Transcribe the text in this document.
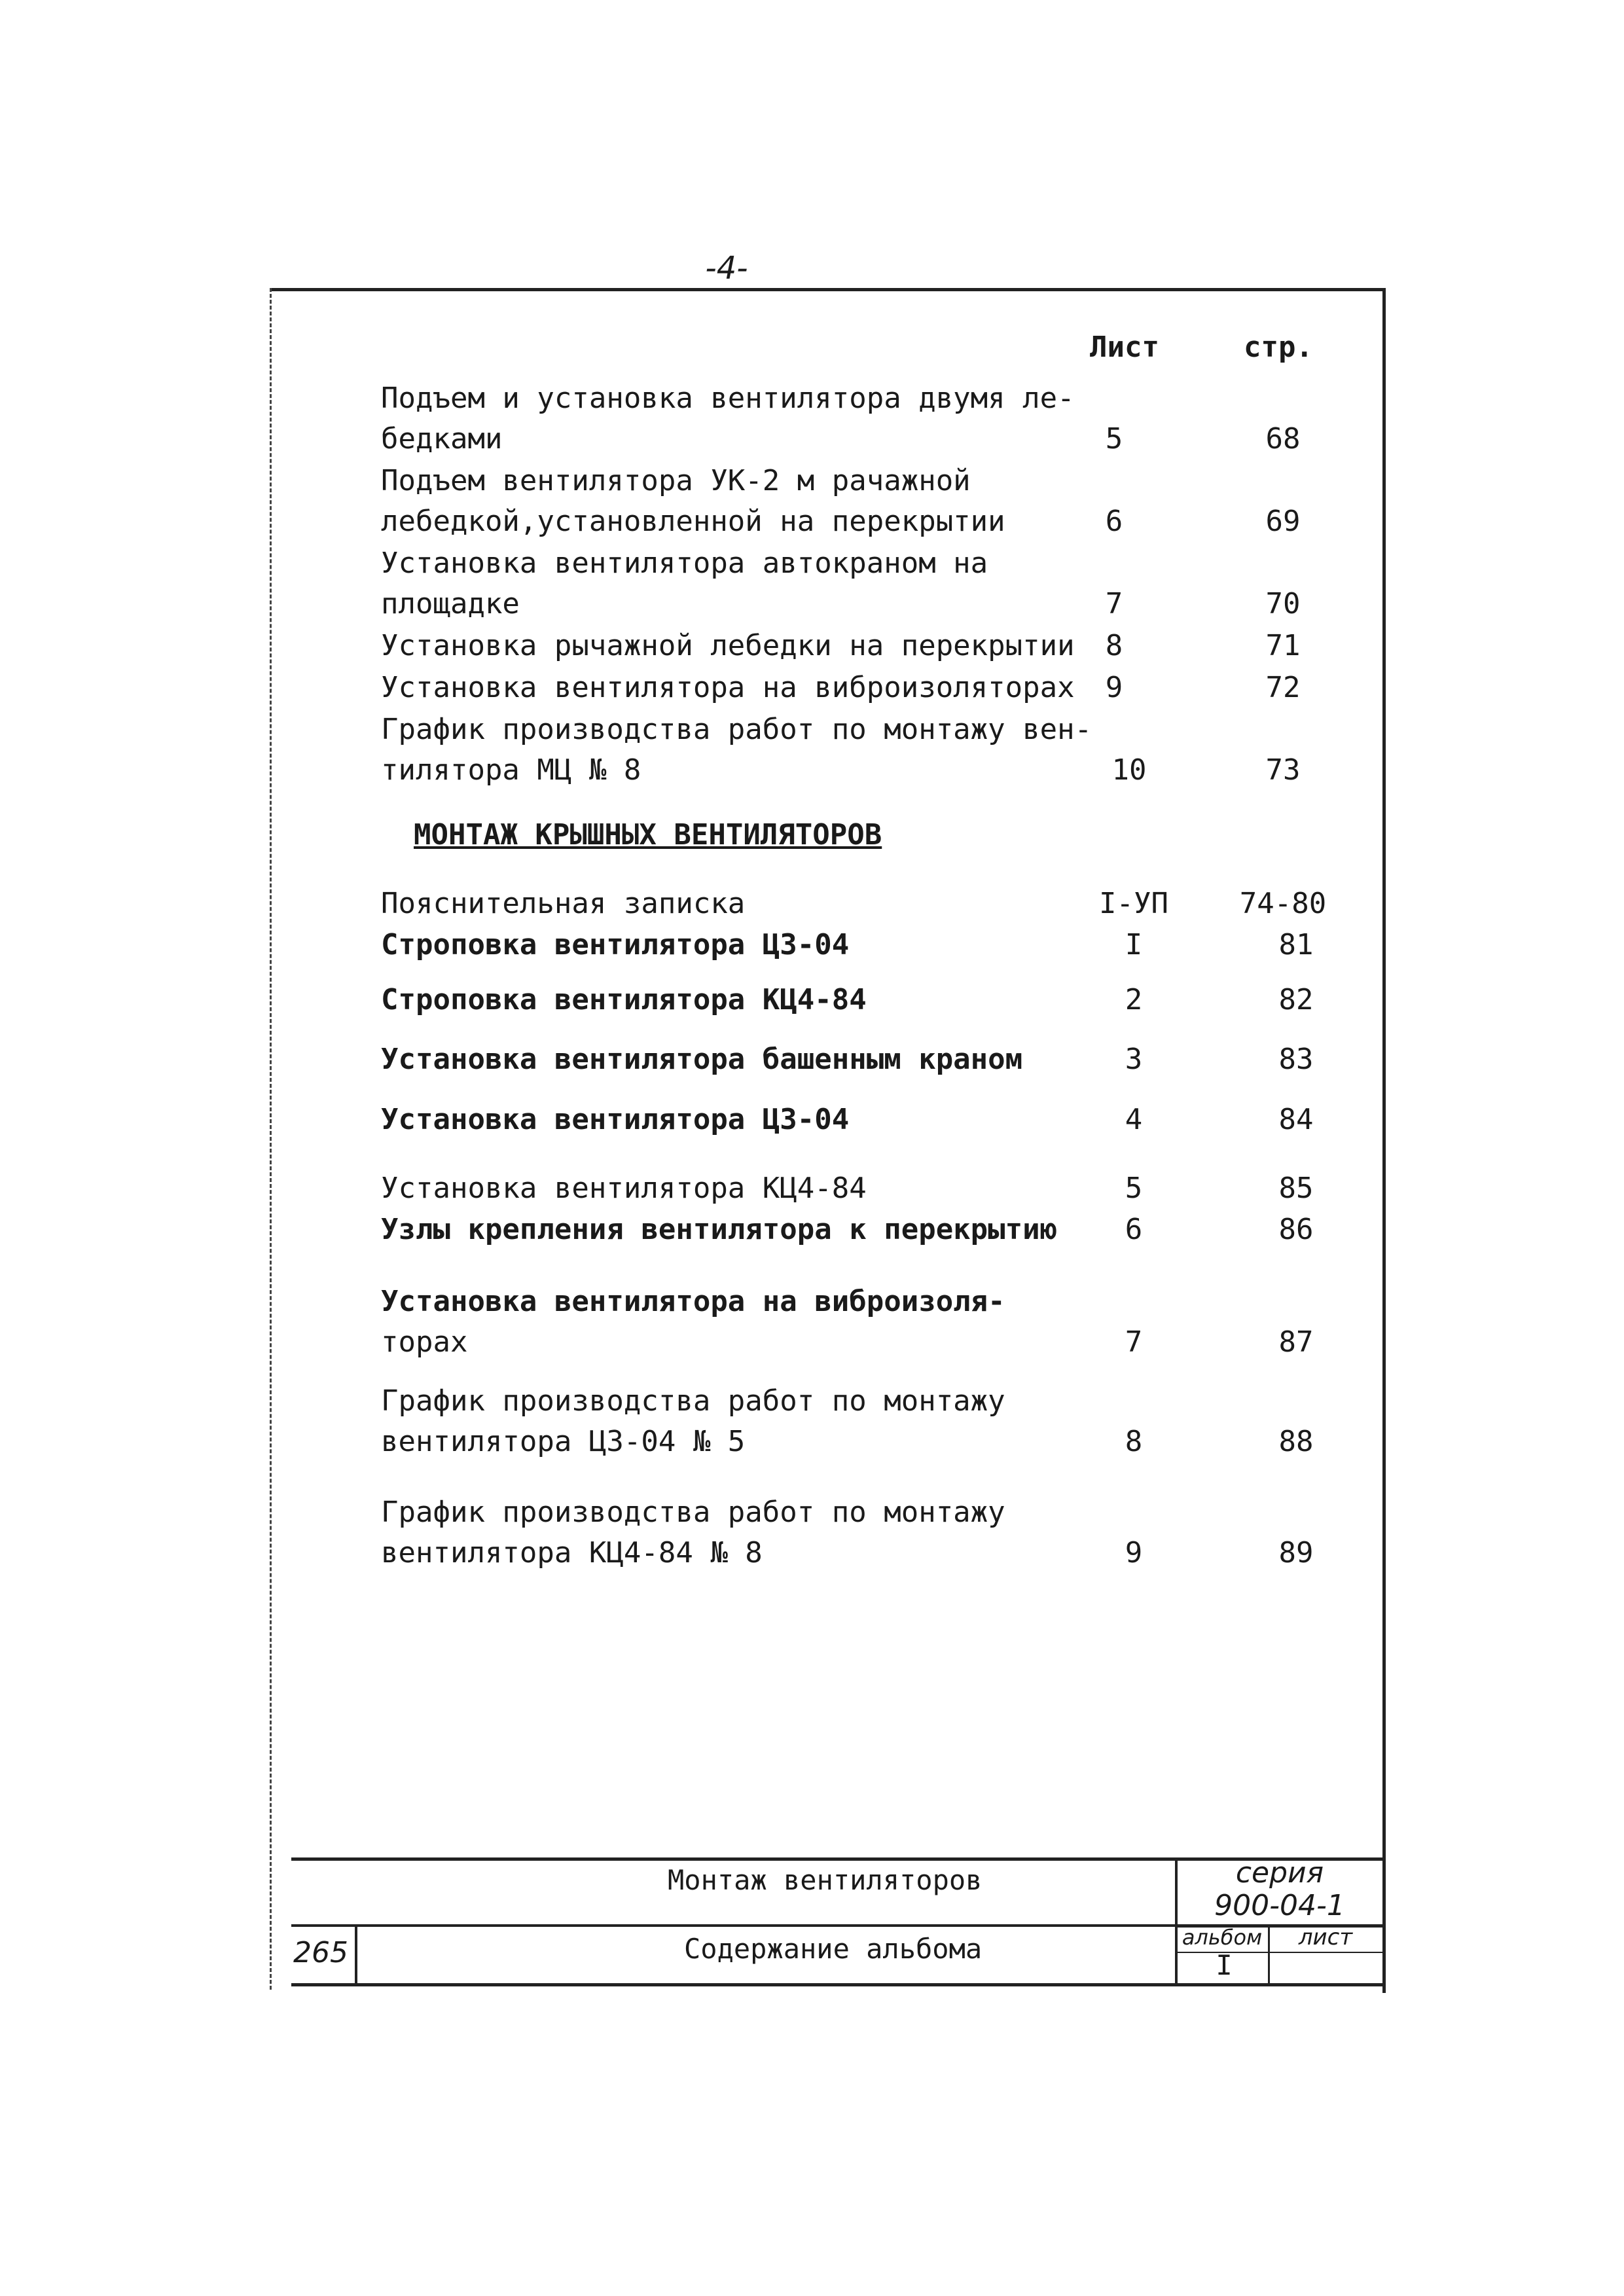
-4-
Лист	стр.
Подъем и установка вентилятора двумя ле-
бедками	5	68
Подъем вентилятора УК-2 м рачажной
лебедкой,установленной на перекрытии	6	69
Установка вентилятора автокраном на
площадке	7	70
Установка рычажной лебедки на перекрытии	8	71
Установка вентилятора на виброизоляторах	9	72
График производства работ по монтажу вен-
тилятора МЦ № 8	10	73
МОНТАЖ КРЫШНЫХ ВЕНТИЛЯТОРОВ
Пояснительная записка	I-УП 74-80
Строповка вентилятора ЦЗ-04	I	81
Строповка вентилятора КЦ4-84	2	82
Установка вентилятора башенным краном	3	83
Установка вентилятора ЦЗ-04	4	84
Установка вентилятора КЦ4-84	5	85
Узлы крепления вентилятора к перекрытию	6	86
Установка вентилятора на виброизоля-
торах	7	87
График производства работ по монтажу
вентилятора ЦЗ-04 № 5	8	88
График производства работ по монтажу
вентилятора КЦ4-84 № 8	9	89
Монтаж вентиляторов
Содержание альбома
265
серия
900-04-1
альбом	лист
I
